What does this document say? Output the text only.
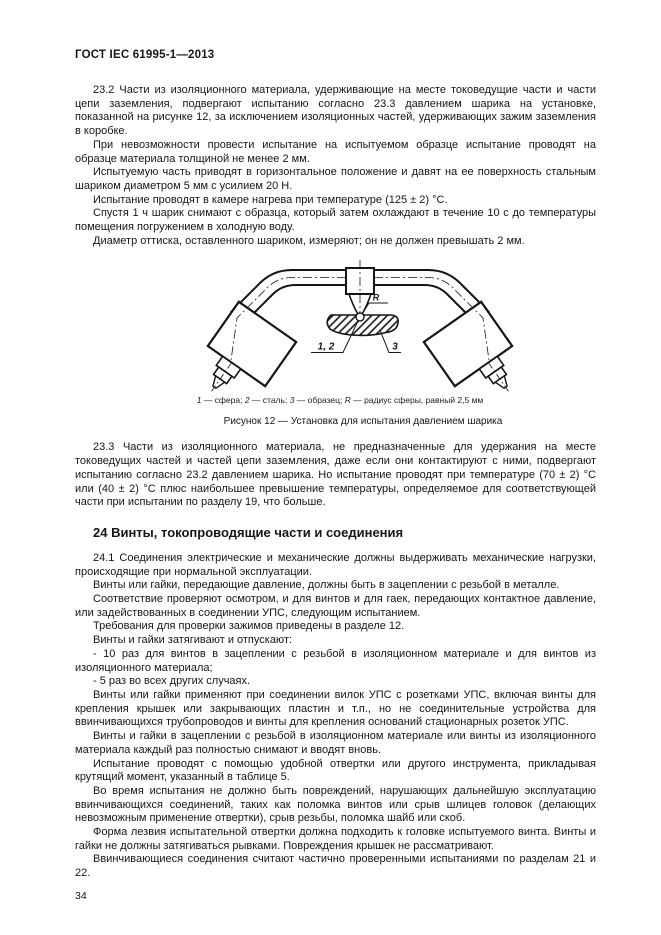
ГОСТ IEC 61995-1—2013

23.2 Части из изоляционного материала, удерживающие на месте токоведущие части и части цепи заземления, подвергают испытанию согласно 23.3 давлением шарика на установке, показанной на рисунке 12, за исключением изоляционных частей, удерживающих зажим заземления в коробке.

При невозможности провести испытание на испытуемом образце испытание проводят на образце материала толщиной не менее 2 мм.

Испытуемую часть приводят в горизонтальное положение и давят на ее поверхность стальным шариком диаметром 5 мм с усилием 20 Н.

Испытание проводят в камере нагрева при температуре (125 ± 2) °С.

Спустя 1 ч шарик снимают с образца, который затем охлаждают в течение 10 с до температуры помещения погружением в холодную воду.

Диаметр оттиска, оставленного шариком, измеряют; он не должен превышать 2 мм.

R
1, 2	3
1 — сфера; 2 — сталь; 3 — образец; R — радиус сферы, равный 2,5 мм
Рисунок 12 — Установка для испытания давлением шарика

23.3 Части из изоляционного материала, не предназначенные для удержания на месте токоведущих частей и частей цепи заземления, даже если они контактируют с ними, подвергают испытанию согласно 23.2 давлением шарика. Но испытание проводят при температуре (70 ± 2) °С или (40 ± 2) °С плюс наибольшее превышение температуры, определяемое для соответствующей части при испытании по разделу 19, что больше.

24 Винты, токопроводящие части и соединения

24.1 Соединения электрические и механические должны выдерживать механические нагрузки, происходящие при нормальной эксплуатации.

Винты или гайки, передающие давление, должны быть в зацеплении с резьбой в металле.

Соответствие проверяют осмотром, и для винтов и для гаек, передающих контактное давление, или задействованных в соединении УПС, следующим испытанием.

Требования для проверки зажимов приведены в разделе 12.

Винты и гайки затягивают и отпускают:

- 10 раз для винтов в зацеплении с резьбой в изоляционном материале и для винтов из изоляционного материала;

- 5 раз во всех других случаях.

Винты или гайки применяют при соединении вилок УПС с розетками УПС, включая винты для крепления крышек или закрывающих пластин и т.п., но не соединительные устройства для ввинчивающихся трубопроводов и винты для крепления оснований стационарных розеток УПС.

Винты и гайки в зацеплении с резьбой в изоляционном материале или винты из изоляционного материала каждый раз полностью снимают и вводят вновь.

Испытание проводят с помощью удобной отвертки или другого инструмента, прикладывая крутящий момент, указанный в таблице 5.

Во время испытания не должно быть повреждений, нарушающих дальнейшую эксплуатацию ввинчивающихся соединений, таких как поломка винтов или срыв шлицев головок (делающих невозможным применение отвертки), срыв резьбы, поломка шайб или скоб.

Форма лезвия испытательной отвертки должна подходить к головке испытуемого винта. Винты и гайки не должны затягиваться рывками. Повреждения крышек не рассматривают.

Ввинчивающиеся соединения считают частично проверенными испытаниями по разделам 21 и 22.

34
